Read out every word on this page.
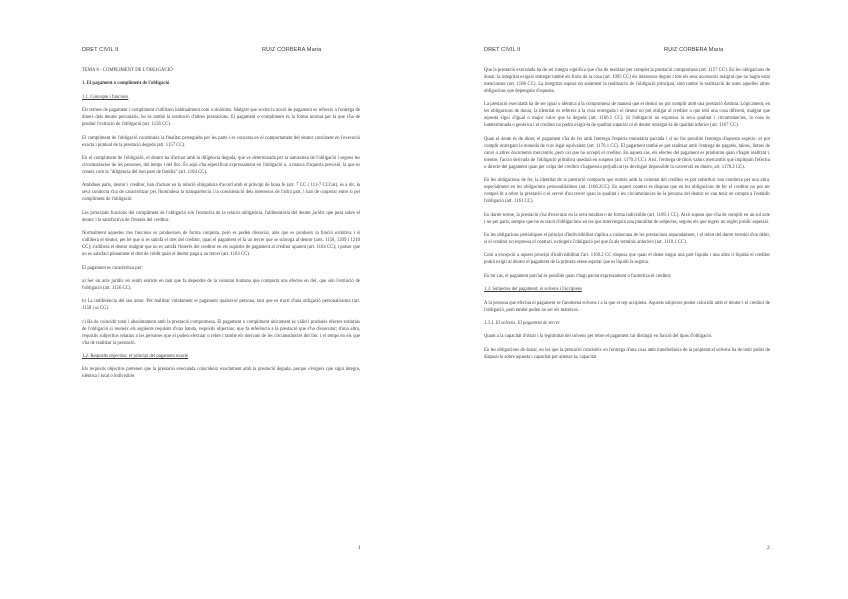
DRET CIVIL II	RUIZ CORBERA Maria

TEMA 8 - COMPLIMENT DE L'OBLIGACIÓ

1. El pagament o compliment de l'obligació

1.1. Concepte i funcions

Els termes de pagament i compliment s'utilitzen habitualment com a sinònims. Malgrat que sovint la noció de pagament es refereix a l'entrega de diners dels deutes pecuniaris, ho és també la restitució d'altres prestacions. El pagament o compliment és la forma normal per la que s'ha de produir l'extinció de l'obligació (art. 1156 CC).

El compliment de l'obligació constitueix la finalitat perseguida per les parts i es concreta en el comportament del deutor consistent en l'execució exacta i puntual de la prestació deguda (art. 1157 CC).

En el compliment de l'obligació, el deutor ha d'actuar amb la diligència deguda, que ve determinada per la naturalesa de l'obligació i segons les circumstàncies de les persones, del temps i del lloc. És aquí s'ha especificat expressament en l'obligació o, a manca d'aquesta previsió, la que es coneix com la "diligència del bon pare de família" (art. 1104 CC).

Ambdues parts, deutor i creditor, han d'actuar en la relació obligatòria d'acord amb el principi de bona fe (art. 7 CC i 111-7 CCCat), és a dir, la seva conducta s'ha de caracteritzar per l'honradesa la transparència i la consideració dels interessos de l'altra part, i han de cooperar entre si pel compliment de l'obligació.

Les principals funcions del compliment de l'obligació són l'extintiva de la relació obligatòria, l'alliberatòria del deutor jurídic que pesa sobre el deutor i la satisfactiva de l'interès del creditor.

Normalment aquestes tres funcions es produeixen de forma conjunta, però es poden dissociar, atès que es produeix la funció extintiva i si s'allibera el deutor, per bé que si es satisfà el dret del creditor, quan el pagament el fa un tercer que se subroga al deutor (arts. 1158, 1209 i 1210 CC); s'allibera el deutor malgrat que no es satisfà l'interès del creditor en els supòsits de pagament al creditor aparent (art. 1164 CC); i potser que no es satisfaci plenament el dret de crèdit quan el deutor paga a un tercer (art. 1163 CC).

El pagament es caracteritza per:

a) Ser un acte jurídic en sentit estricte en tant que fa dependre de la voluntat humana que comporta uns efectes en llei, que són l'extinció de l'obligació (art. 1156 CC).

b) La indiferència del seu autor. Pot realitzar vàlidament el pagament qualsevol persona, tant que es tracti d'una obligació personalíssima (art. 1158 i ss CC).

c) Ha de coincidir total i absolutament amb la prestació compromesa. El pagament o compliment únicament és vàlid i produeix efectes extintius de l'obligació si reuneix els següents requisits d'una banda, requisits objectius: que fa referència a la prestació que s'ha d'executar; d'una altra, requisits subjectius relatius a les persones que el poden efectuar o rebre i també els derivats de les circumstàncies del lloc i el temps en els que s'ha de realitzar la prestació.

1.2. Requisits objectius: el principi del pagament exacte

Els requisits objectius pretenen que la prestació executada coincideixi exactament amb la prestació deguda, perquè s'exigeix que sigui íntegra, idèntica i total o indivisible:

1
DRET CIVIL II	RUIZ CORBERA Maria

Que la prestació executada ha de ser íntegra significa que s'ha de realitzar per complet la prestació compromesa (art. 1157 CC). En les obligacions de donar, la integritat exigeix entregar també els fruits de la cosa (art. 1095 CC) els interessos deguts i tots els seus accessoris malgrat que no hagin estat mencionats (art. 1168 CC). La integritat suposa no solament la realització de l'obligació principal, sinó també la realització de totes aquelles altres obligacions que depenguin d'aquesta.

La prestació executada ha de ser igual o idèntica a la compromesa de manera que el deutor no pot complir amb una prestació distinta. Lògicament, en les obligacions de donar, la identitat es refereix a la cosa entregada i el deutor no pot obligar al creditor a que rebi una cosa diferent, malgrat que aquesta sigui d'igual o major valor que la deguda (art. 1166.1 CC). Si l'obligació no expressa la seva qualitat i circumstàncies, la cosa és indeterminada o genèrica i el creditor no podrà exigir-la de qualitat superior ni el deutor entregar-la de qualitat inferior (art. 1167 CC).

Quan el deute és de diner, el pagament s'ha de fer amb l'entrega l'espècie monetària pactada i si no fos possible l'entrega d'aquesta espècie, es pot complir entregant la moneda de curs legal equivalent (art. 1170.1 CC). El pagament també es pot realitzar amb l'entrega de pagarés, talons, lletres de canvi o altres documents mercantils, però cal que ho accepti el creditor. En aquest cas, els efectes del pagament es produiran quan s'hagin realitzat i, mentre, l'acció derivada de l'obligació primitiva quedarà en suspens (art. 1170.3 CC). Així, l'entrega de títols valors mercantils que impliquin l'efectiu o directe del pagament quan per culpa del creditor s'haguessin perjudicat (es devinguè impossible la conversió en diners; art. 1170.2 CC).

En les obligacions de fer, la identitat de la prestació comporta que només amb la voluntat del creditor es pot substituir una conducta per una altra, especialment en les obligacions personalíssimes (art. 1166.2CC). En aquest context es disposa que en les obligacions de fer el creditor no pot ser compel·lit a rebre la prestació o el servei d'un tercer quan la qualitat i les circumstàncies de la persona del deutor es van tenir en compte a l'establir l'obligació (art. 1161 CC).

En darrer terme, la prestació s'ha d'executar en la seva totalitat o de forma indivisible (art. 1169.1 CC). Això suposa que s'ha de complir en un sol acte i no per parts, sempre que no es tracti d'obligacions en les que intervinguin una pluralitat de subjectes, segons els que regeix un règim jurídic especial.

En les obligacions periòdiques el principi d'indivisibilitat s'aplica a cadascuna de les prestacions separadament, i el rebut del darrer termini d'un dèbit, si el creditor no expressa el contrari, extingeix l'obligació pel que fa als terminis anteriors (art. 1110.1 CC).

Com a excepció a aquest principi d'indivisibilitat l'art. 1169.2 CC disposa que quan el deute tingui una part líquida i una altra il·líquida el creditor podrà exigir al deutor el pagament de la primera sense esperar que es liquidi la segona.

En tot cas, el pagament parcial és possible quan s'hagi pactat expressament o l'autoritza el creditor.

1.3. Subjectes del pagament: el solvens i l'accipiens

A la persona que efectua el pagament se l'anomena solvens i a la que el rep accipiens. Aquests subjectes poden coincidir amb el deutor i el creditor de l'obligació, però també poden no ser els mateixos.

1.3.1. El solvens. El pagament de tercer

Quant a la capacitat d'obrar i la legitimitat del solvens per rebre el pagament cal distingir en funció del tipus d'obligació.

En les obligacions de donar, en les que la prestació consisteix en l'entrega d'una cosa amb transferència de la propietat el solvens ha de tenir poder de disposició sobre aquesta i capacitat per alienar-la; capacitat

2
